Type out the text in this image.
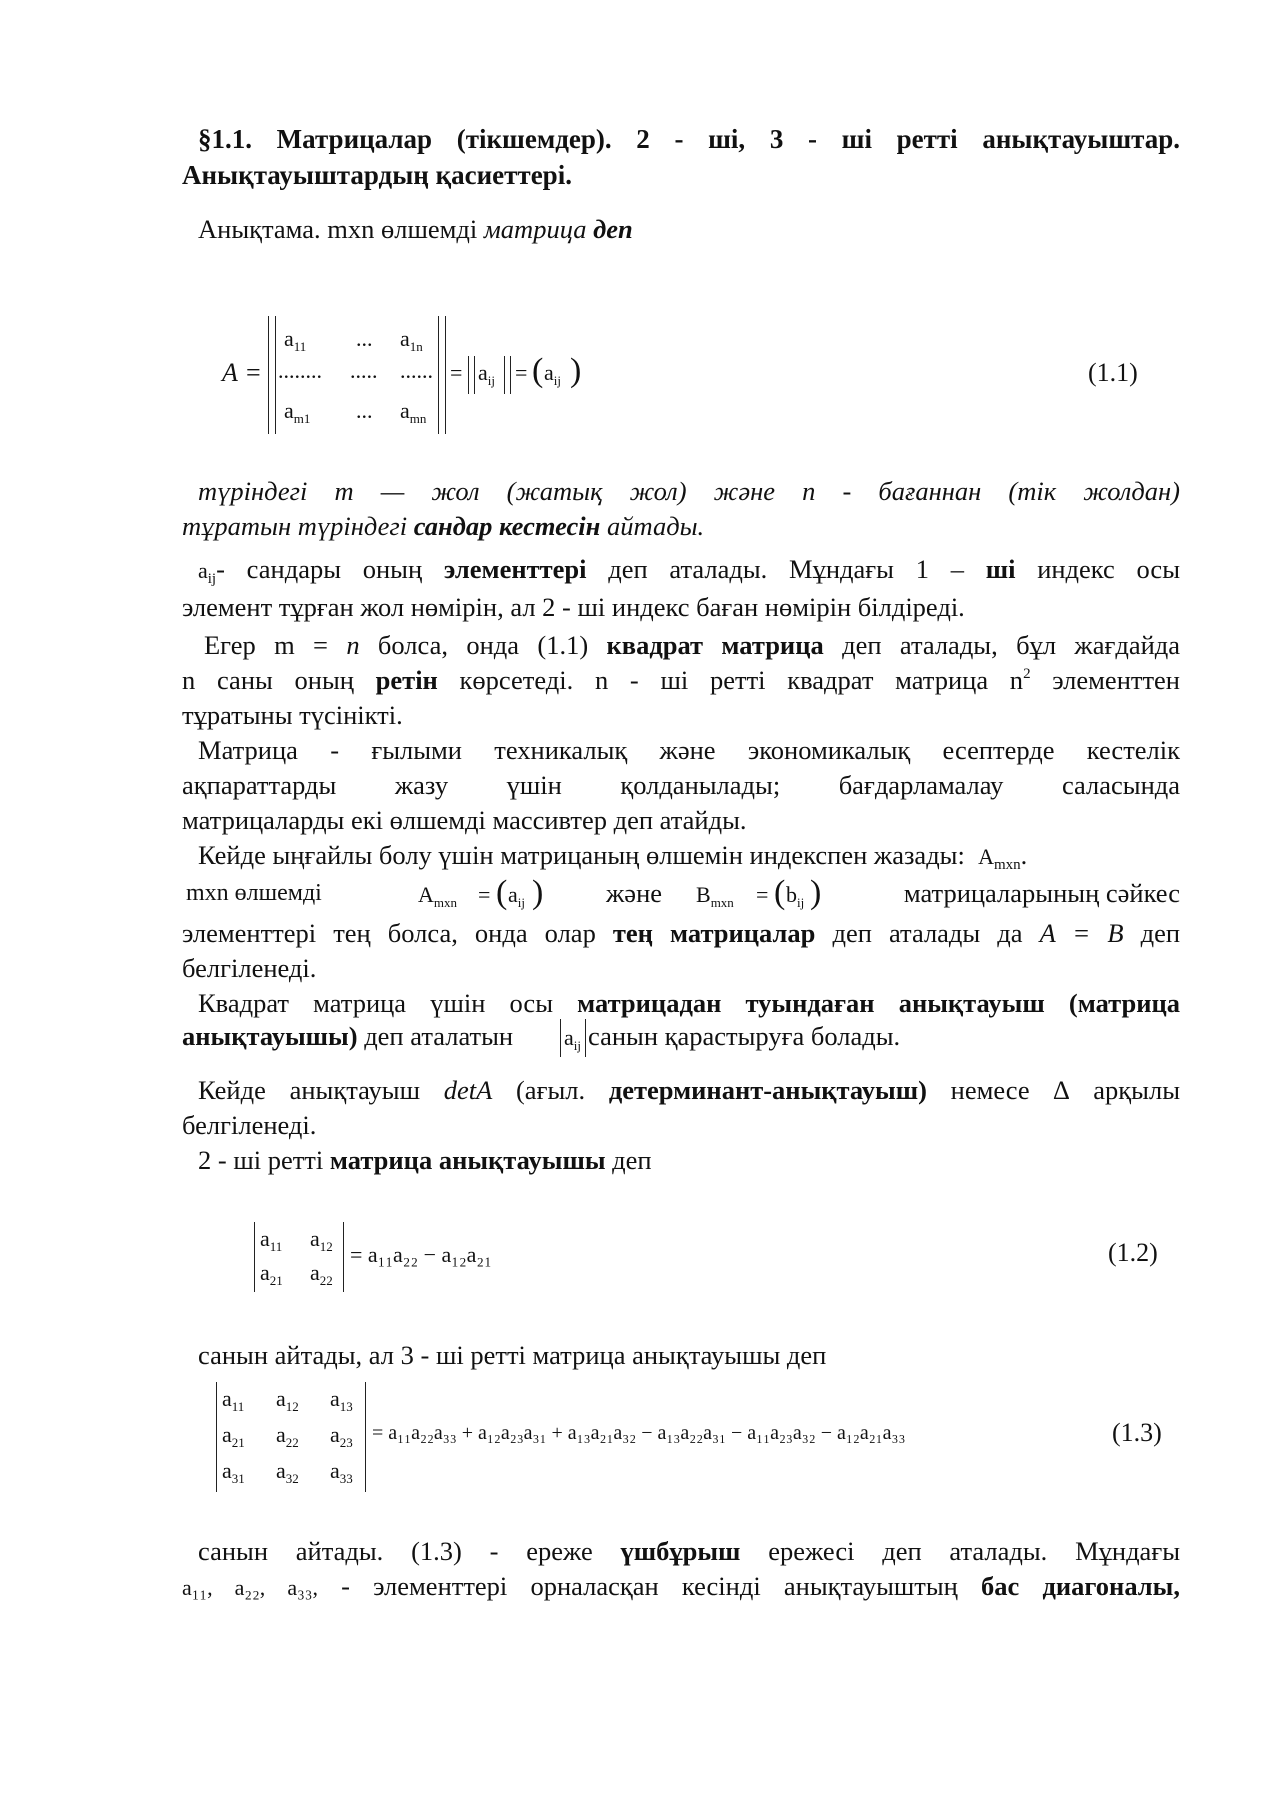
§1.1. Матрицалар (тікшемдер). 2 - ші, 3 - ші ретті анықтауыштар.

Анықтауыштардың қасиеттері.

Анықтама. mxn өлшемді матрица деп

A =
$a_{11}$ ... $a_{1n}$
........ ..... ......
$a_{m1}$ ... $a_{mn}$
= $a_{ij}$ = ( $a_{ij}$ )	(1.1)

түріндегі m — жол (жатық жол) және n - бағаннан (тік жолдан)

тұратын түріндегі сандар кестесін айтады.

$a_{ij}-$ сандары оның элементтері деп аталады. Мұндағы 1 – ші индекс осы

элемент тұрған жол нөмірін, ал 2 - ші индекс баған нөмірін білдіреді.

Егер m = n болса, онда (1.1) квадрат матрица деп аталады, бұл жағдайда

n саны оның ретін көрсетеді. n - ші ретті квадрат матрица $n^2$ элементтен

тұратыны түсінікті.

Матрица - ғылыми техникалық және экономикалық есептерде кестелік

ақпараттарды жазу үшін қолданылады; бағдарламалау саласында

матрицаларды екі өлшемді массивтер деп атайды.

Кейде ыңғайлы болу үшін матрицаның өлшемін индекспен жазады: $A_{mxn}$.

mxn өлшемді	$A_{mxn}$ = ( $a_{ij}$ ) және $B_{mxn}$ = ( $b_{ij}$ )	матрицаларының сәйкес

элементтері тең болса, онда олар тең матрицалар деп аталады да A = B деп

белгіленеді.

Квадрат матрица үшін осы матрицадан туындаған анықтауыш (матрица

анықтауышы) деп аталатын $a_{ij}$ санын қарастыруға болады.

Кейде анықтауыш detA (ағыл. детерминант-анықтауыш) немесе ∆ арқылы

белгіленеді.

2 - ші ретті матрица анықтауышы деп

$a_{11}$ $a_{12}$
$a_{21}$ $a_{22}$
= a₁₁a₂₂ − a₁₂a₂₁	(1.2)

санын айтады, ал 3 - ші ретті матрица анықтауышы деп

$a_{11}$ $a_{12}$ $a_{13}$
$a_{21}$ $a_{22}$ $a_{23}$
$a_{31}$ $a_{32}$ $a_{33}$
= a₁₁a₂₂a₃₃ + a₁₂a₂₃a₃₁ + a₁₃a₂₁a₃₂ − a₁₃a₂₂a₃₁ − a₁₁a₂₃a₃₂ − a₁₂a₂₁a₃₃	(1.3)

санын айтады. (1.3) - ереже үшбұрыш ережесі деп аталады. Мұндағы

a₁₁, a₂₂, a₃₃, - элементтері орналасқан кесінді анықтауыштың бас диагоналы,
